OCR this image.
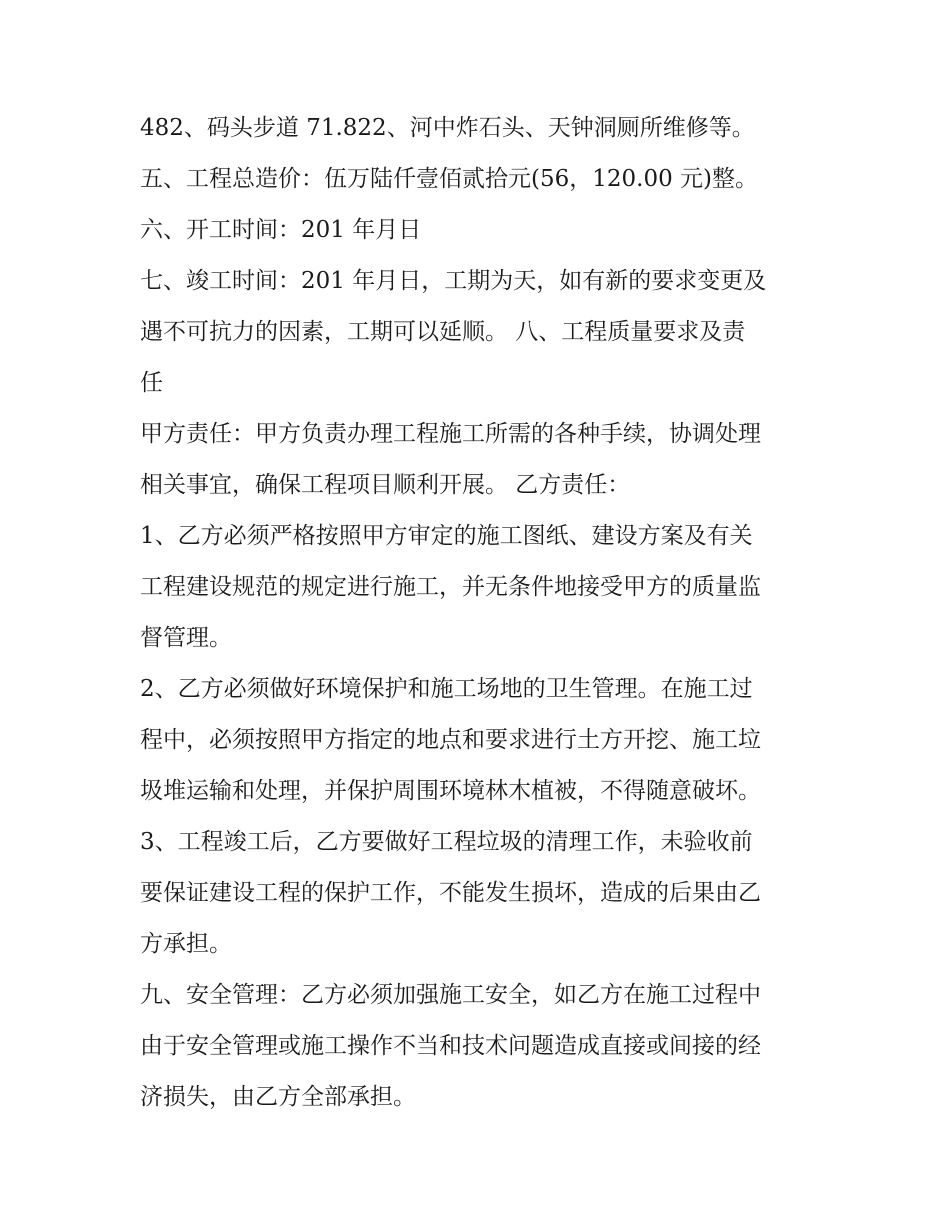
482、码头步道 71.822、河中炸石头、天钟洞厕所维修等。
五、工程总造价：伍万陆仟壹佰贰拾元(56，120.00 元)整。
六、开工时间：201 年月日
七、竣工时间：201 年月日，工期为天，如有新的要求变更及
遇不可抗力的因素，工期可以延顺。 八、工程质量要求及责
任
甲方责任：甲方负责办理工程施工所需的各种手续，协调处理
相关事宜，确保工程项目顺利开展。 乙方责任：
1、乙方必须严格按照甲方审定的施工图纸、建设方案及有关
工程建设规范的规定进行施工，并无条件地接受甲方的质量监
督管理。
2、乙方必须做好环境保护和施工场地的卫生管理。在施工过
程中，必须按照甲方指定的地点和要求进行土方开挖、施工垃
圾堆运输和处理，并保护周围环境林木植被，不得随意破坏。
3、工程竣工后，乙方要做好工程垃圾的清理工作，未验收前
要保证建设工程的保护工作，不能发生损坏，造成的后果由乙
方承担。
九、安全管理：乙方必须加强施工安全，如乙方在施工过程中
由于安全管理或施工操作不当和技术问题造成直接或间接的经
济损失，由乙方全部承担。
